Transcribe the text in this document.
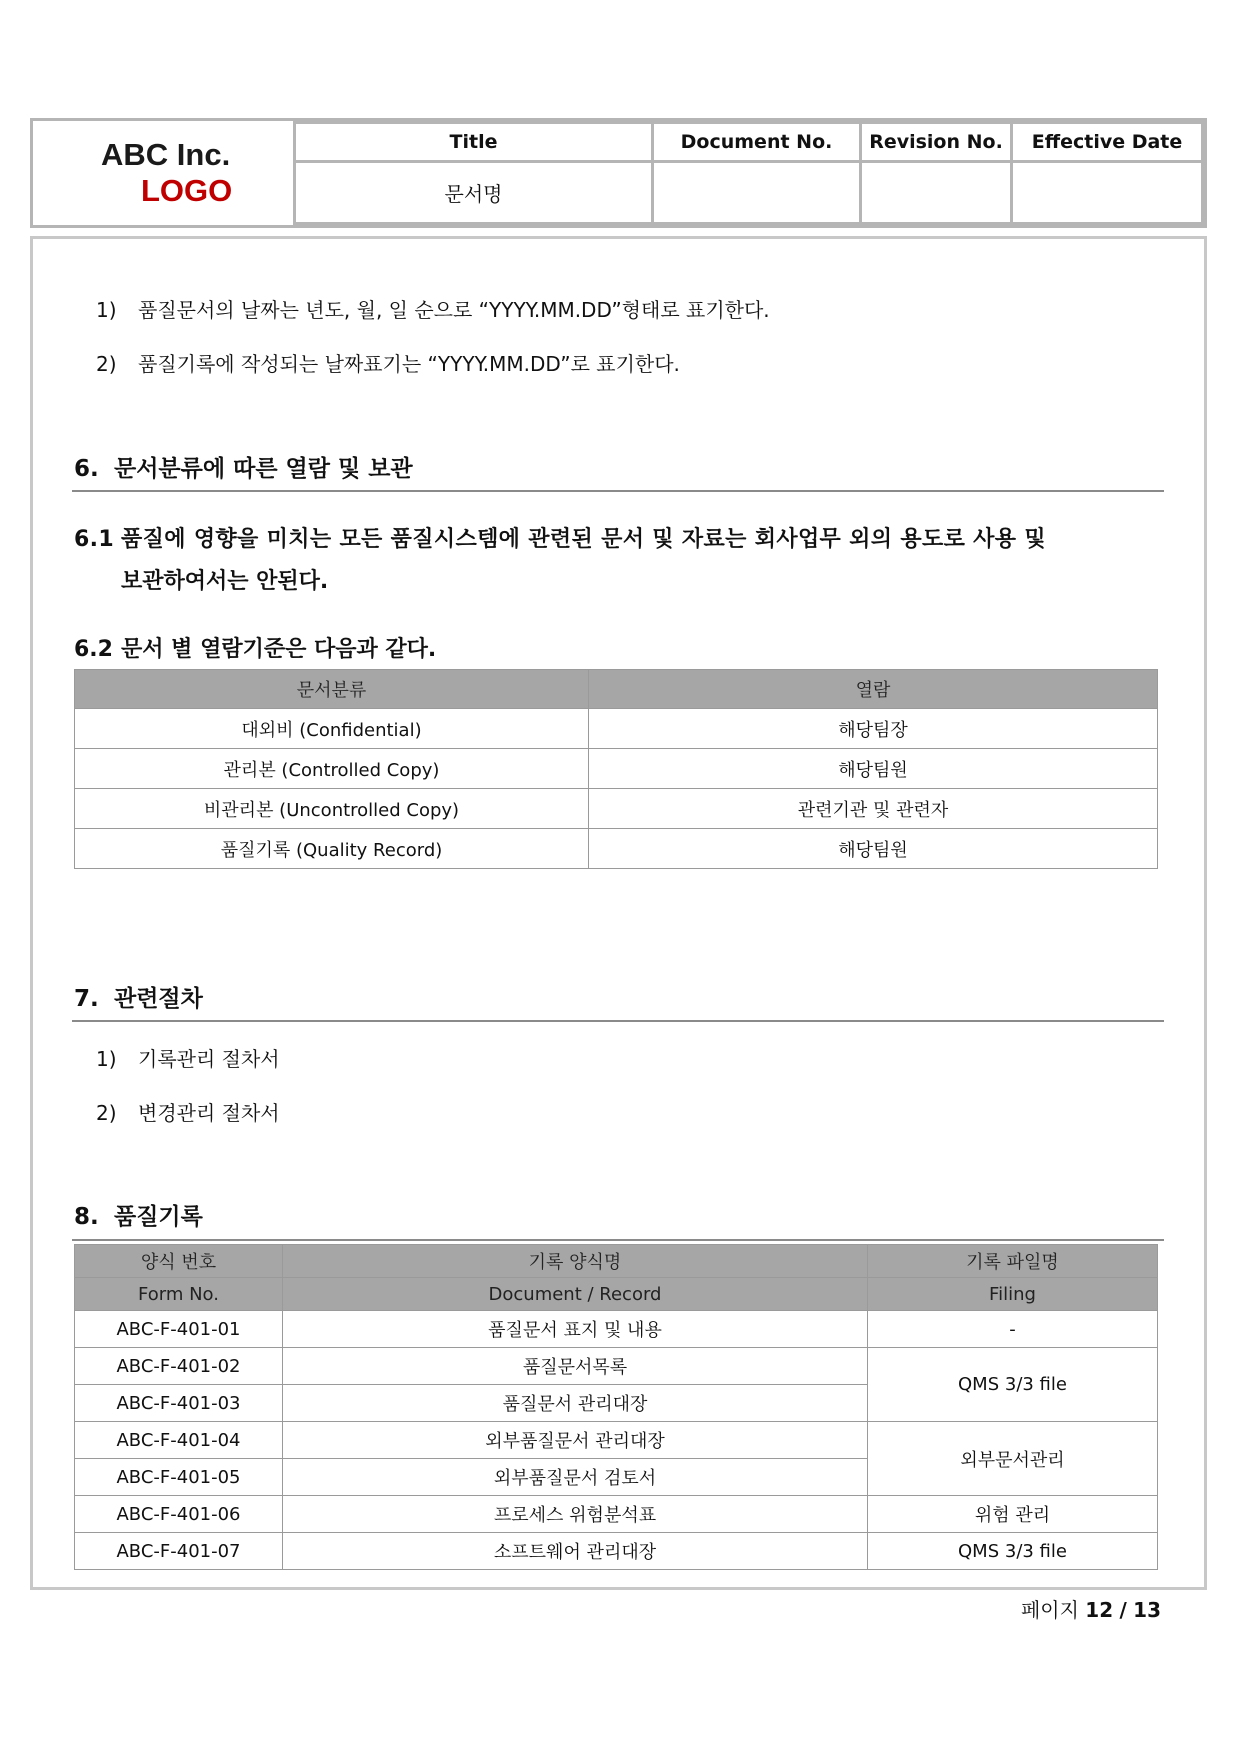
ABC Inc.
LOGO	Title	Document No.	Revision No.	Effective Date
	문서명			
1) 품질문서의 날짜는 년도, 월, 일 순으로 “YYYY.MM.DD”형태로 표기한다.
2) 품질기록에 작성되는 날짜표기는 “YYYY.MM.DD”로 표기한다.
6. 문서분류에 따른 열람 및 보관
6.1 품질에 영향을 미치는 모든 품질시스템에 관련된 문서 및 자료는 회사업무 외의 용도로 사용 및
보관하여서는 안된다.
6.2 문서 별 열람기준은 다음과 같다.
문서분류	열람
대외비 (Confidential)	해당팀장
관리본 (Controlled Copy)	해당팀원
비관리본 (Uncontrolled Copy)	관련기관 및 관련자
품질기록 (Quality Record)	해당팀원
7. 관련절차
1) 기록관리 절차서
2) 변경관리 절차서
8. 품질기록
양식 번호	기록 양식명	기록 파일명
Form No.	Document / Record	Filing
ABC-F-401-01	품질문서 표지 및 내용	-
ABC-F-401-02	품질문서목록	QMS 3/3 file
ABC-F-401-03	품질문서 관리대장	
ABC-F-401-04	외부품질문서 관리대장	외부문서관리
ABC-F-401-05	외부품질문서 검토서	
ABC-F-401-06	프로세스 위험분석표	위험 관리
ABC-F-401-07	소프트웨어 관리대장	QMS 3/3 file
페이지 12 / 13
